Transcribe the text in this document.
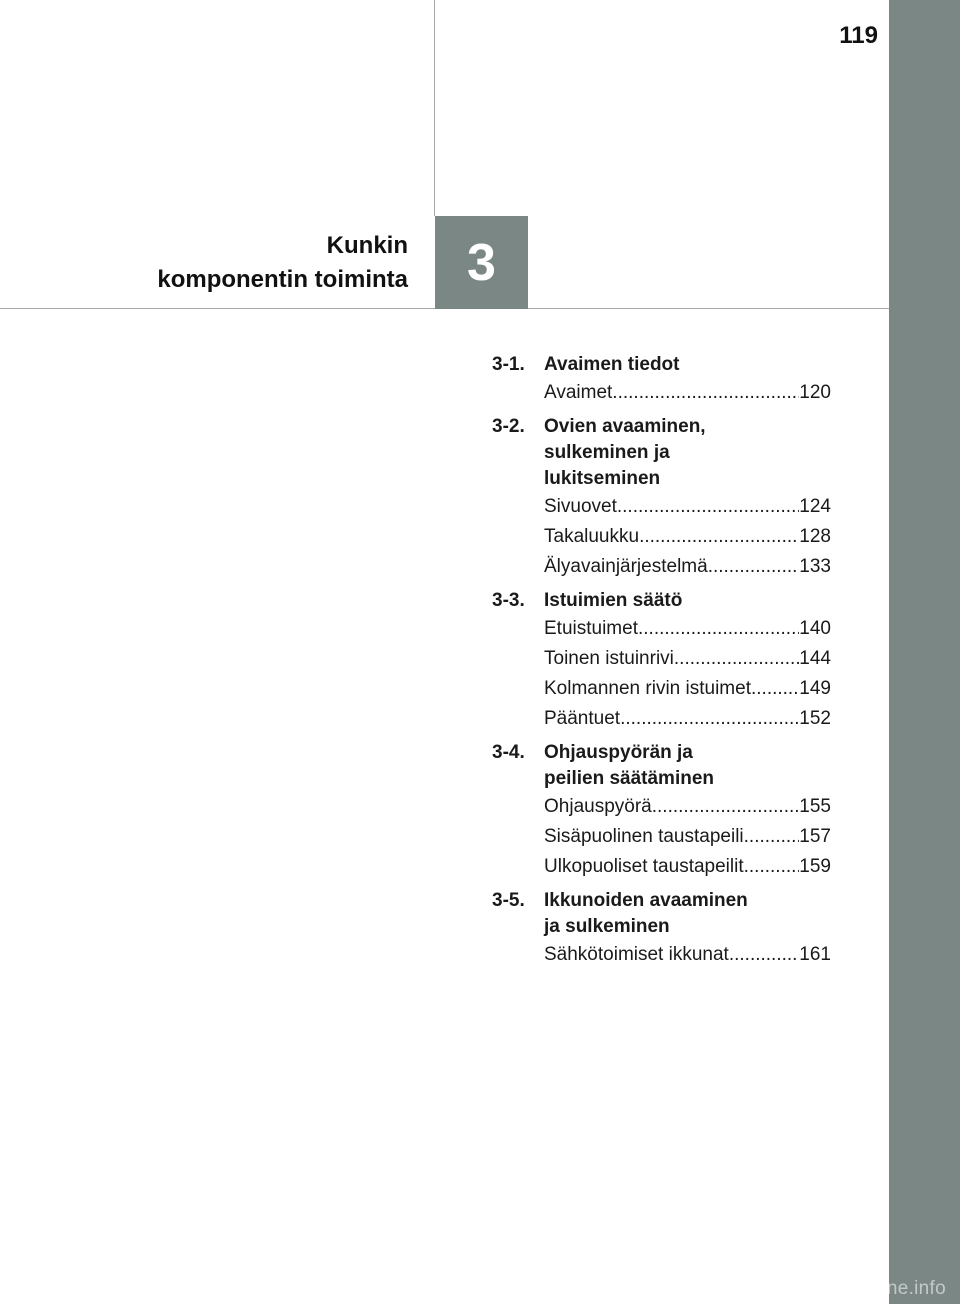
119
Kunkin
komponentin toiminta 3
3-1.	Avaimen tiedot
Avaimet .....	120
3-2.	Ovien avaaminen,
sulkeminen ja
lukitseminen
Sivuovet .....	124
Takaluukku .....	128
Älyavainjärjestelmä .....	133
3-3.	Istuimien säätö
Etuistuimet .....	140
Toinen istuinrivi .....	144
Kolmannen rivin istuimet .....	149
Pääntuet .....	152
3-4.	Ohjauspyörän ja
peilien säätäminen
Ohjauspyörä .....	155
Sisäpuolinen taustapeili .....	157
Ulkopuoliset taustapeilit .....	159
3-5.	Ikkunoiden avaaminen
ja sulkeminen
Sähkötoimiset ikkunat .....	161
carmanualsonline.info
